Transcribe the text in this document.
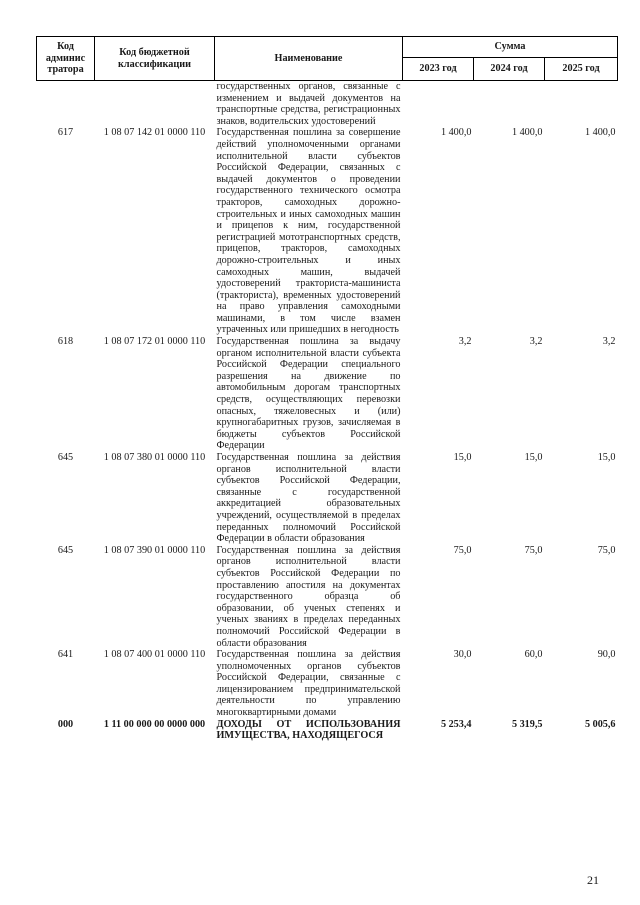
Код админис тратора	Код бюджетной классификации	Наименование	Сумма		
			2023 год	2024 год	2025 год
		государственных органов, связанные с изменением и выдачей документов на транспортные средства, регистрационных знаков, водительских удостоверений			
617	1 08 07 142 01 0000 110	Государственная пошлина за совершение действий уполномоченными органами исполнительной власти субъектов Российской Федерации, связанных с выдачей документов о проведении государственного технического осмотра тракторов, самоходных дорожно-строительных и иных самоходных машин и прицепов к ним, государственной регистрацией мототранспортных средств, прицепов, тракторов, самоходных дорожно-строительных и иных самоходных машин, выдачей удостоверений тракториста-машиниста (тракториста), временных удостоверений на право управления самоходными машинами, в том числе взамен утраченных или пришедших в негодность	1 400,0	1 400,0	1 400,0
618	1 08 07 172 01 0000 110	Государственная пошлина за выдачу органом исполнительной власти субъекта Российской Федерации специального разрешения на движение по автомобильным дорогам транспортных средств, осуществляющих перевозки опасных, тяжеловесных и (или) крупногабаритных грузов, зачисляемая в бюджеты субъектов Российской Федерации	3,2	3,2	3,2
645	1 08 07 380 01 0000 110	Государственная пошлина за действия органов исполнительной власти субъектов Российской Федерации, связанные с государственной аккредитацией образовательных учреждений, осуществляемой в пределах переданных полномочий Российской Федерации в области образования	15,0	15,0	15,0
645	1 08 07 390 01 0000 110	Государственная пошлина за действия органов исполнительной власти субъектов Российской Федерации по проставлению апостиля на документах государственного образца об образовании, об ученых степенях и ученых званиях в пределах переданных полномочий Российской Федерации в области образования	75,0	75,0	75,0
641	1 08 07 400 01 0000 110	Государственная пошлина за действия уполномоченных органов субъектов Российской Федерации, связанные с лицензированием предпринимательской деятельности по управлению многоквартирными домами	30,0	60,0	90,0
000	1 11 00 000 00 0000 000	ДОХОДЫ ОТ ИСПОЛЬЗОВАНИЯ ИМУЩЕСТВА, НАХОДЯЩЕГОСЯ	5 253,4	5 319,5	5 005,6
21
